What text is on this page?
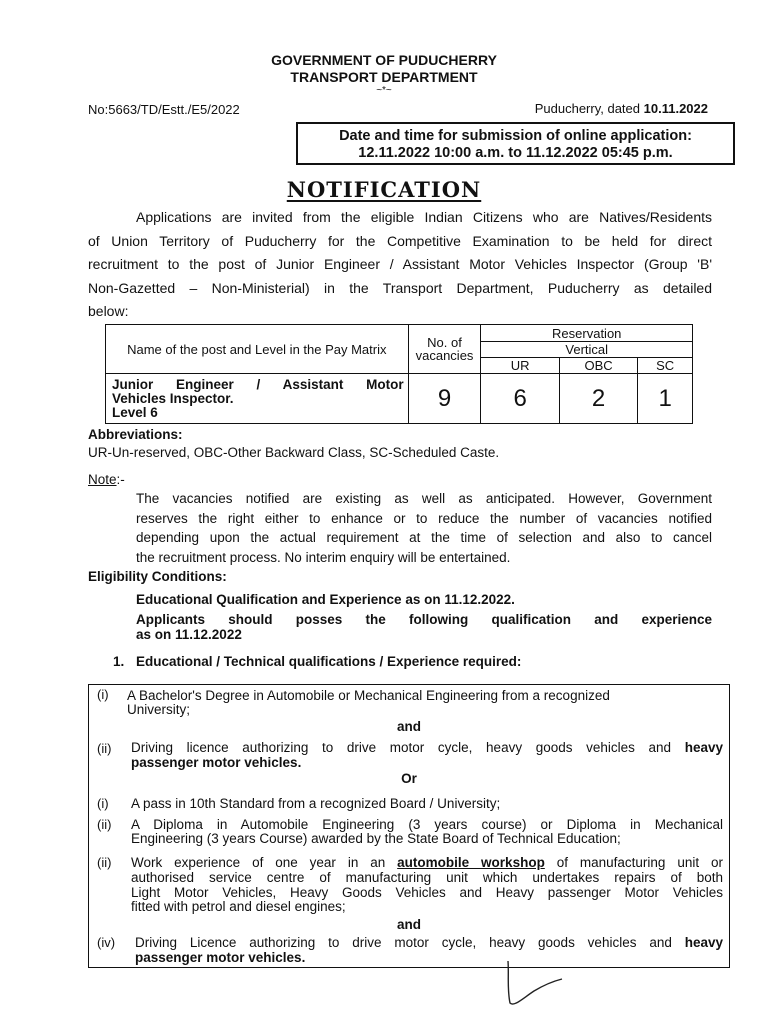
GOVERNMENT OF PUDUCHERRY
TRANSPORT DEPARTMENT
~*~
No:5663/TD/Estt./E5/2022	Puducherry, dated 10.11.2022
Date and time for submission of online application:
12.11.2022 10:00 a.m. to 11.12.2022 05:45 p.m.
NOTIFICATION
Applications are invited from the eligible Indian Citizens who are Natives/Residents
of Union Territory of Puducherry for the Competitive Examination to be held for direct
recruitment to the post of Junior Engineer / Assistant Motor Vehicles Inspector (Group 'B'
Non-Gazetted – Non-Ministerial) in the Transport Department, Puducherry as detailed
below:
Name of the post and Level in the Pay Matrix	No. of vacancies	Reservation		
		Vertical		
		UR	OBC	SC

Junior Engineer / Assistant Motor
Vehicles Inspector.
Level 6	9	6	2	1
Abbreviations:
UR-Un-reserved, OBC-Other Backward Class, SC-Scheduled Caste.
Note:-
The vacancies notified are existing as well as anticipated. However, Government
reserves the right either to enhance or to reduce the number of vacancies notified
depending upon the actual requirement at the time of selection and also to cancel
the recruitment process. No interim enquiry will be entertained.
Eligibility Conditions:
Educational Qualification and Experience as on 11.12.2022.
Applicants should posses the following qualification and experience
as on 11.12.2022
1. Educational / Technical qualifications / Experience required:
(i) A Bachelor's Degree in Automobile or Mechanical Engineering from a recognized
University;
and
(ii) Driving licence authorizing to drive motor cycle, heavy goods vehicles and heavy
passenger motor vehicles.
Or
(i) A pass in 10th Standard from a recognized Board / University;
(ii) A Diploma in Automobile Engineering (3 years course) or Diploma in Mechanical
Engineering (3 years Course) awarded by the State Board of Technical Education;
(ii) Work experience of one year in an automobile workshop of manufacturing unit or
authorised service centre of manufacturing unit which undertakes repairs of both
Light Motor Vehicles, Heavy Goods Vehicles and Heavy passenger Motor Vehicles
fitted with petrol and diesel engines;
and
(iv) Driving Licence authorizing to drive motor cycle, heavy goods vehicles and heavy
passenger motor vehicles.
